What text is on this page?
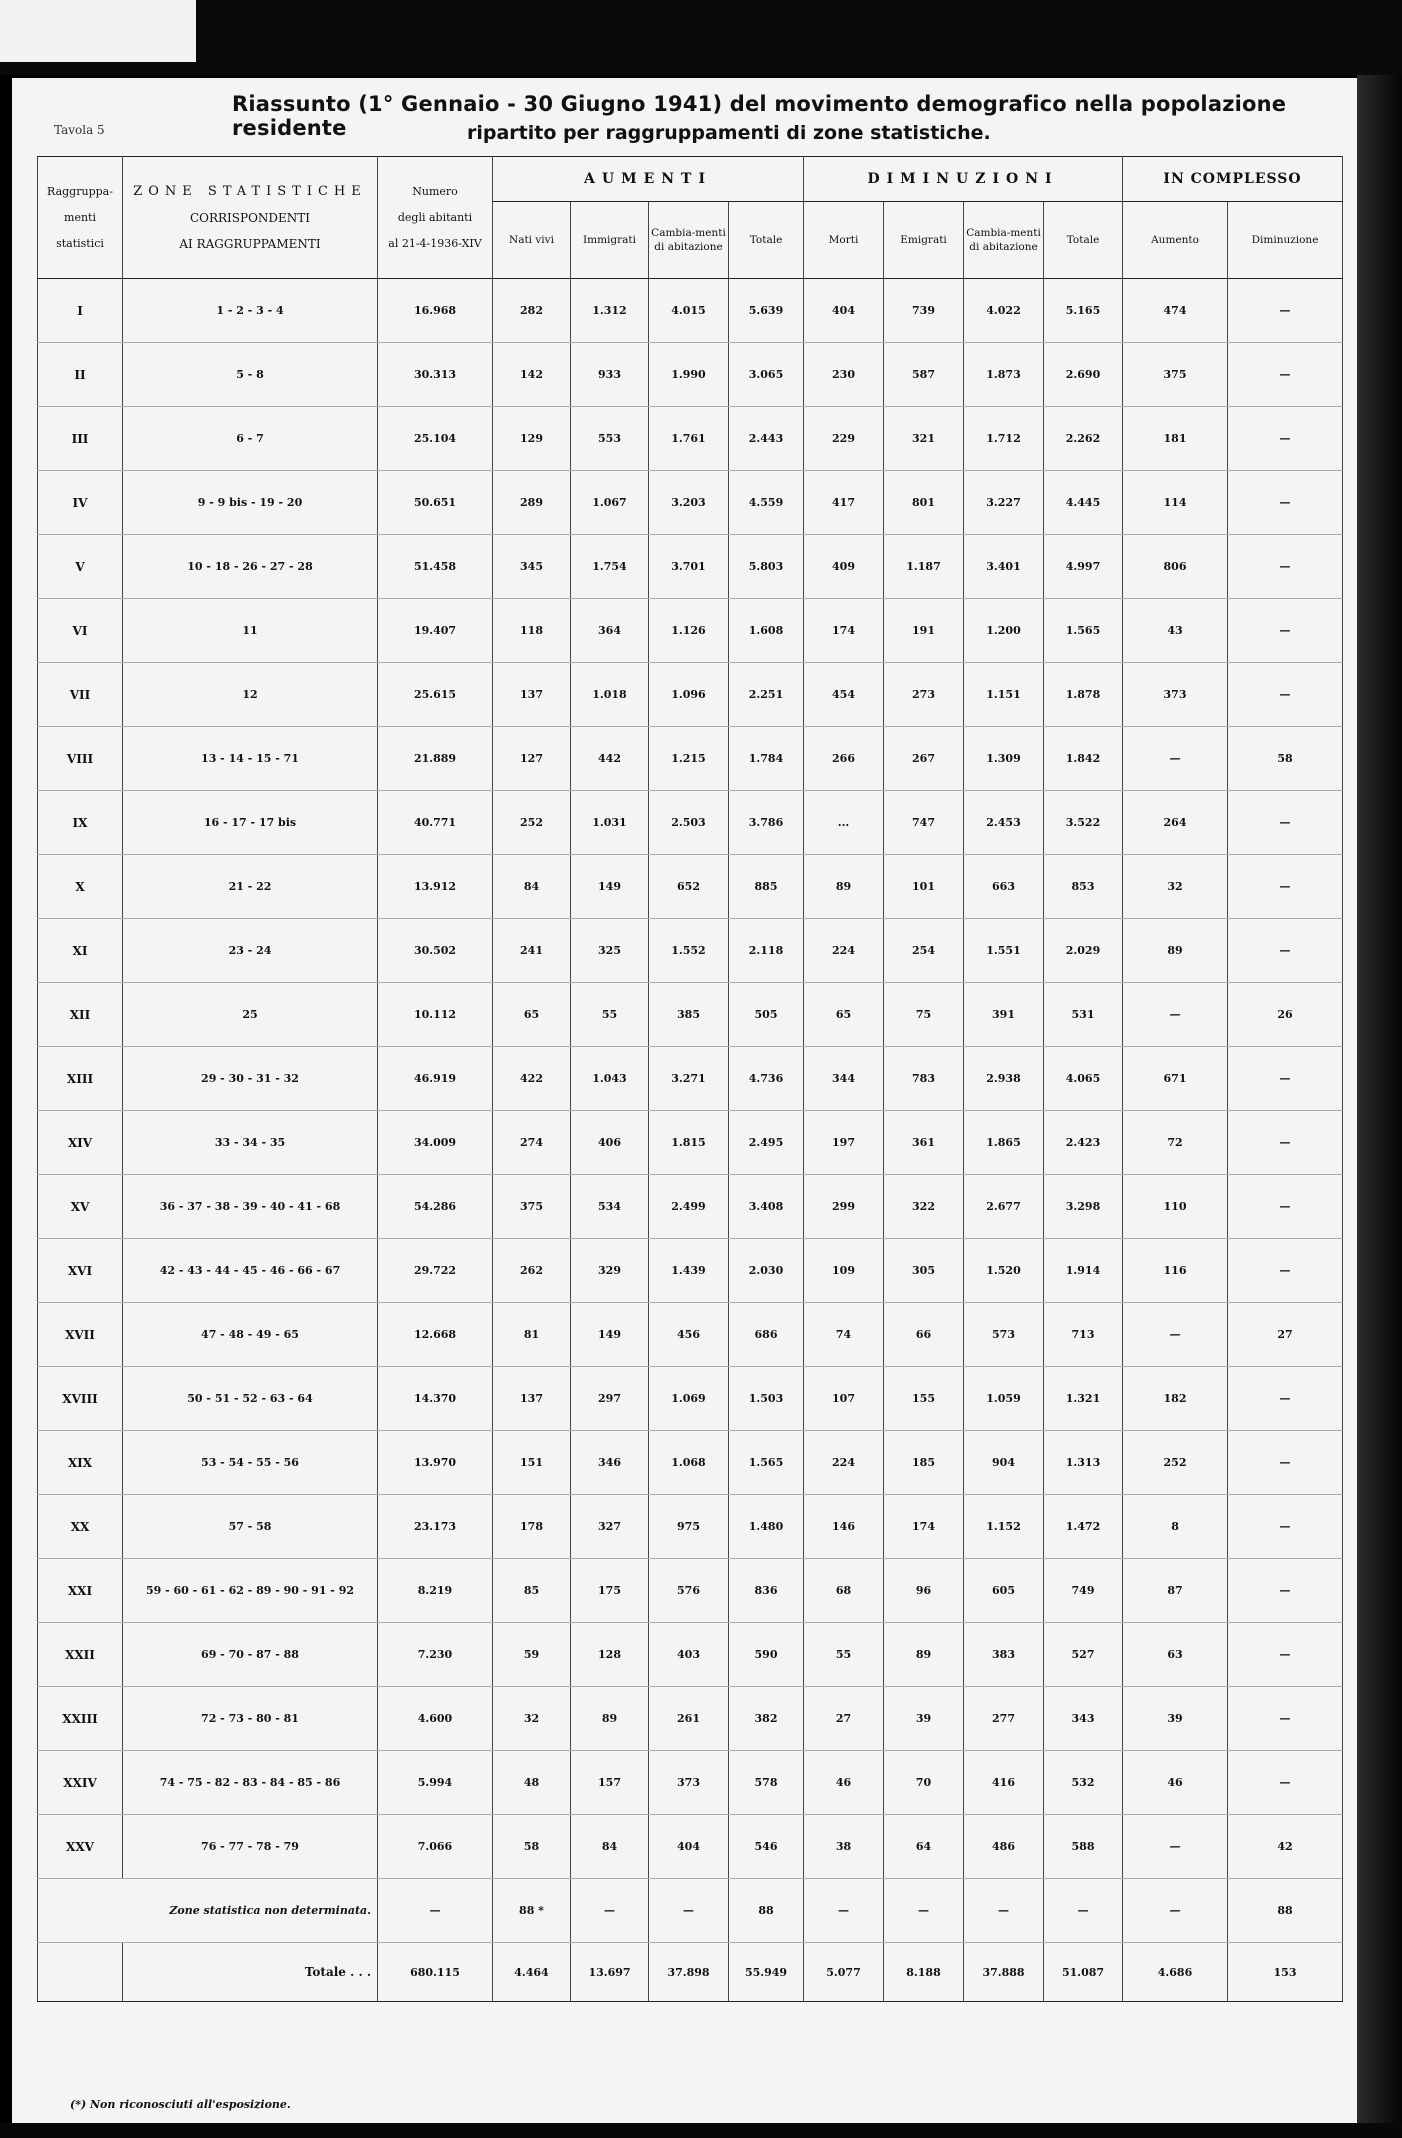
Tavola 5
Riassunto (1° Gennaio - 30 Giugno 1941) del movimento demografico nella popolazione residente	ripartito per raggruppamenti di zone statistiche.
Raggruppa-
menti
statistici	ZONE STATISTICHE
CORRISPONDENTI
AI RAGGRUPPAMENTI	Numero
degli abitanti
al 21-4-1936-XIV	AUMENTI				DIMINUZIONI				IN COMPLESSO		
			Nati vivi	Immigrati	Cambia-menti di abitazione	Totale	Morti	Emigrati	Cambia-menti di abitazione	Totale	Aumento	Diminuzione	
I	1 - 2 - 3 - 4	16.968	282	1.312	4.015	5.639	404	739	4.022	5.165	474	—	
II	5 - 8	30.313	142	933	1.990	3.065	230	587	1.873	2.690	375	—	
III	6 - 7	25.104	129	553	1.761	2.443	229	321	1.712	2.262	181	—	
IV	9 - 9 bis - 19 - 20	50.651	289	1.067	3.203	4.559	417	801	3.227	4.445	114	—	
V	10 - 18 - 26 - 27 - 28	51.458	345	1.754	3.701	5.803	409	1.187	3.401	4.997	806	—	
VI	11	19.407	118	364	1.126	1.608	174	191	1.200	1.565	43	—	
VII	12	25.615	137	1.018	1.096	2.251	454	273	1.151	1.878	373	—	
VIII	13 - 14 - 15 - 71	21.889	127	442	1.215	1.784	266	267	1.309	1.842	—	58	
IX	16 - 17 - 17 bis	40.771	252	1.031	2.503	3.786	...	747	2.453	3.522	264	—	
X	21 - 22	13.912	84	149	652	885	89	101	663	853	32	—	
XI	23 - 24	30.502	241	325	1.552	2.118	224	254	1.551	2.029	89	—	
XII	25	10.112	65	55	385	505	65	75	391	531	—	26	
XIII	29 - 30 - 31 - 32	46.919	422	1.043	3.271	4.736	344	783	2.938	4.065	671	—	
XIV	33 - 34 - 35	34.009	274	406	1.815	2.495	197	361	1.865	2.423	72	—	
XV	36 - 37 - 38 - 39 - 40 - 41 - 68	54.286	375	534	2.499	3.408	299	322	2.677	3.298	110	—	
XVI	42 - 43 - 44 - 45 - 46 - 66 - 67	29.722	262	329	1.439	2.030	109	305	1.520	1.914	116	—	
XVII	47 - 48 - 49 - 65	12.668	81	149	456	686	74	66	573	713	—	27	
XVIII	50 - 51 - 52 - 63 - 64	14.370	137	297	1.069	1.503	107	155	1.059	1.321	182	—	
XIX	53 - 54 - 55 - 56	13.970	151	346	1.068	1.565	224	185	904	1.313	252	—	
XX	57 - 58	23.173	178	327	975	1.480	146	174	1.152	1.472	8	—	
XXI	59 - 60 - 61 - 62 - 89 - 90 - 91 - 92	8.219	85	175	576	836	68	96	605	749	87	—	
XXII	69 - 70 - 87 - 88	7.230	59	128	403	590	55	89	383	527	63	—	
XXIII	72 - 73 - 80 - 81	4.600	32	89	261	382	27	39	277	343	39	—	
XXIV	74 - 75 - 82 - 83 - 84 - 85 - 86	5.994	48	157	373	578	46	70	416	532	46	—	
XXV	76 - 77 - 78 - 79	7.066	58	84	404	546	38	64	486	588	—	42	
Zone statistica non determinata.		—	88 *	—	—	88	—	—	—	—	—	88	
	Totale . . .	680.115	4.464	13.697	37.898	55.949	5.077	8.188	37.888	51.087	4.686	153	
(*) Non riconosciuti all'esposizione.
